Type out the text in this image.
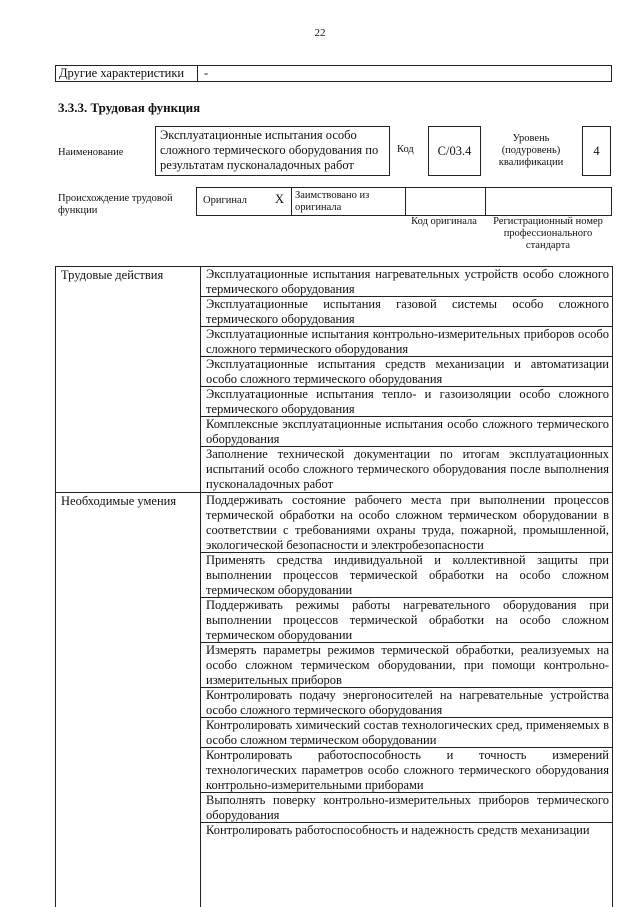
22
Другие характеристики -
3.3.3. Трудовая функция
Наименование
Эксплуатационные испытания особо сложного термического оборудования по результатам пусконаладочных работ
Код	C/03.4
Уровень (подуровень) квалификации
4
Происхождение трудовой функции
Оригинал X Заимствовано из оригинала
Код оригинала	Регистрационный номер профессионального стандарта
Трудовые действия	Эксплуатационные испытания нагревательных устройств особо сложного термического оборудования
Эксплуатационные испытания газовой системы особо сложного термического оборудования
Эксплуатационные испытания контрольно-измерительных приборов особо сложного термического оборудования
Эксплуатационные испытания средств механизации и автоматизации особо сложного термического оборудования
Эксплуатационные испытания тепло- и газоизоляции особо сложного термического оборудования
Комплексные эксплуатационные испытания особо сложного термического оборудования
Заполнение технической документации по итогам эксплуатационных испытаний особо сложного термического оборудования после выполнения пусконаладочных работ
Необходимые умения Поддерживать состояние рабочего места при выполнении процессов термической обработки на особо сложном термическом оборудовании в соответствии с требованиями охраны труда, пожарной, промышленной, экологической безопасности и электробезопасности
Применять средства индивидуальной и коллективной защиты при выполнении процессов термической обработки на особо сложном термическом оборудовании
Поддерживать режимы работы нагревательного оборудования при выполнении процессов термической обработки на особо сложном термическом оборудовании
Измерять параметры режимов термической обработки, реализуемых на особо сложном термическом оборудовании, при помощи контрольно-измерительных приборов
Контролировать подачу энергоносителей на нагревательные устройства особо сложного термического оборудования
Контролировать химический состав технологических сред, применяемых в особо сложном термическом оборудовании
Контролировать работоспособность и точность измерений технологических параметров особо сложного термического оборудования контрольно-измерительными приборами
Выполнять поверку контрольно-измерительных приборов термического оборудования
Контролировать работоспособность и надежность средств механизации
